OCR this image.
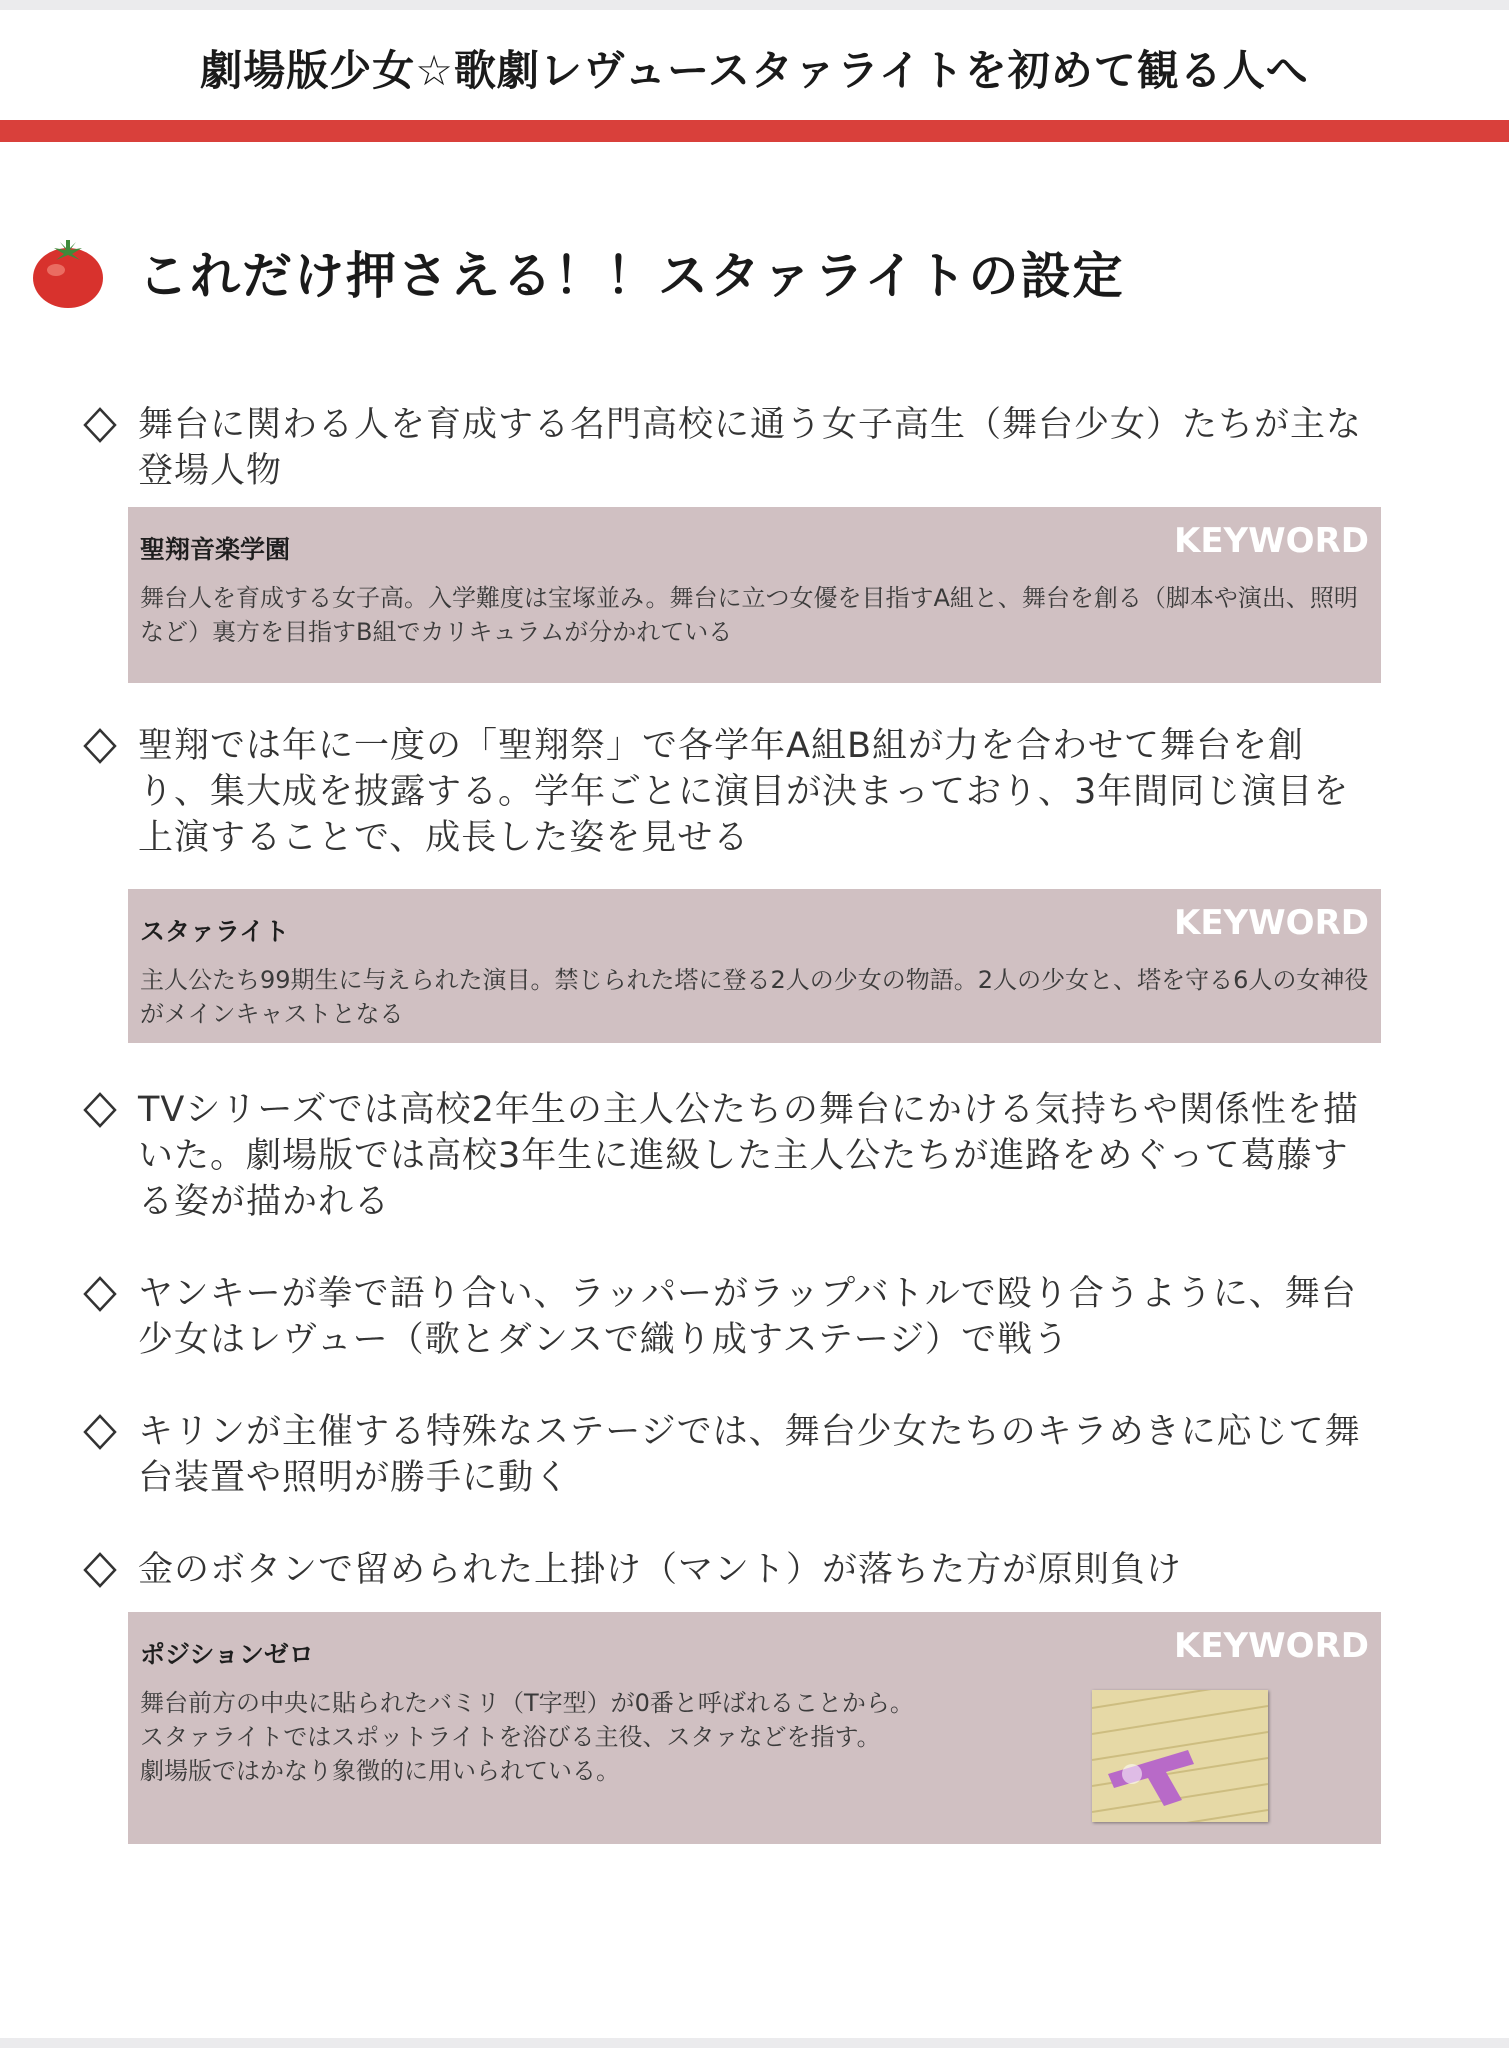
劇場版少女☆歌劇レヴュースタァライトを初めて観る人へ
これだけ押さえる！！スタァライトの設定
舞台に関わる人を育成する名門高校に通う女子高生（舞台少女）たちが主な登場人物
KEYWORD
聖翔音楽学園
舞台人を育成する女子高。入学難度は宝塚並み。舞台に立つ女優を目指すA組と、舞台を創る（脚本や演出、照明など）裏方を目指すB組でカリキュラムが分かれている
聖翔では年に一度の「聖翔祭」で各学年A組B組が力を合わせて舞台を創り、集大成を披露する。学年ごとに演目が決まっており、3年間同じ演目を上演することで、成長した姿を見せる
KEYWORD
スタァライト
主人公たち99期生に与えられた演目。禁じられた塔に登る2人の少女の物語。2人の少女と、塔を守る6人の女神役がメインキャストとなる
TVシリーズでは高校2年生の主人公たちの舞台にかける気持ちや関係性を描いた。劇場版では高校3年生に進級した主人公たちが進路をめぐって葛藤する姿が描かれる
ヤンキーが拳で語り合い、ラッパーがラップバトルで殴り合うように、舞台少女はレヴュー（歌とダンスで織り成すステージ）で戦う
キリンが主催する特殊なステージでは、舞台少女たちのキラめきに応じて舞台装置や照明が勝手に動く
金のボタンで留められた上掛け（マント）が落ちた方が原則負け
KEYWORD
ポジションゼロ
舞台前方の中央に貼られたバミリ（T字型）が0番と呼ばれることから。
スタァライトではスポットライトを浴びる主役、スタァなどを指す。
劇場版ではかなり象徴的に用いられている。
